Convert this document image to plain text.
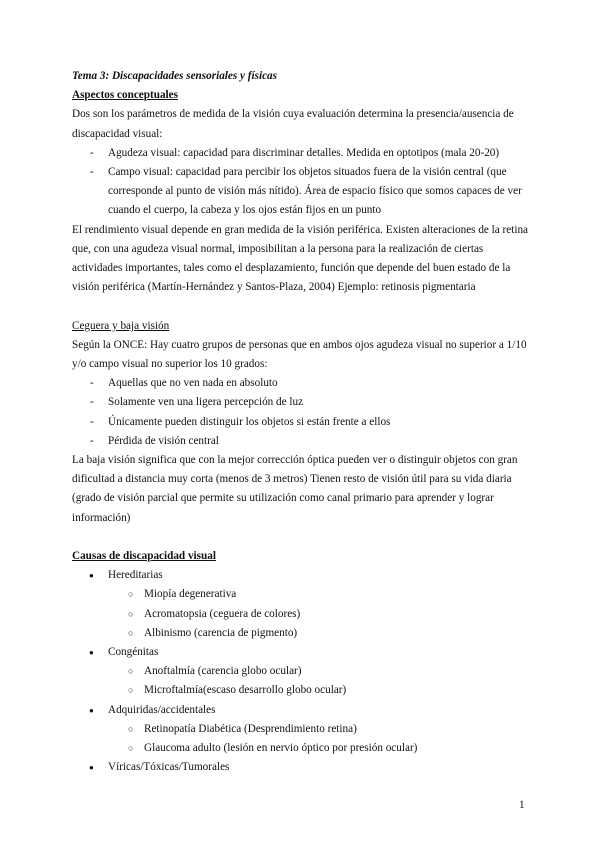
Tema 3: Discapacidades sensoriales y físicas

Aspectos conceptuales

Dos son los parámetros de medida de la visión cuya evaluación determina la presencia/ausencia de discapacidad visual:

- Agudeza visual: capacidad para discriminar detalles. Medida en optotipos (mala 20-20)
- Campo visual: capacidad para percibir los objetos situados fuera de la visión central (que corresponde al punto de visión más nítido). Área de espacio físico que somos capaces de ver cuando el cuerpo, la cabeza y los ojos están fijos en un punto

El rendimiento visual depende en gran medida de la visión periférica. Existen alteraciones de la retina que, con una agudeza visual normal, imposibilitan a la persona para la realización de ciertas actividades importantes, tales como el desplazamiento, función que depende del buen estado de la visión periférica (Martín-Hernández y Santos-Plaza, 2004) Ejemplo: retinosis pigmentaria

Ceguera y baja visión

Según la ONCE: Hay cuatro grupos de personas que en ambos ojos agudeza visual no superior a 1/10 y/o campo visual no superior los 10 grados:

- Aquellas que no ven nada en absoluto
- Solamente ven una ligera percepción de luz
- Únicamente pueden distinguir los objetos si están frente a ellos
- Pérdida de visión central

La baja visión significa que con la mejor corrección óptica pueden ver o distinguir objetos con gran dificultad a distancia muy corta (menos de 3 metros) Tienen resto de visión útil para su vida diaria (grado de visión parcial que permite su utilización como canal primario para aprender y lograr información)

Causas de discapacidad visual

● Hereditarias
○ Miopía degenerativa
○ Acromatopsia (ceguera de colores)
○ Albinismo (carencia de pigmento)
● Congénitas
○ Anoftalmía (carencia globo ocular)
○ Microftalmía(escaso desarrollo globo ocular)
● Adquiridas/accidentales
○ Retinopatía Diabética (Desprendimiento retina)
○ Glaucoma adulto (lesión en nervio óptico por presión ocular)
● Víricas/Tóxicas/Tumorales
1
